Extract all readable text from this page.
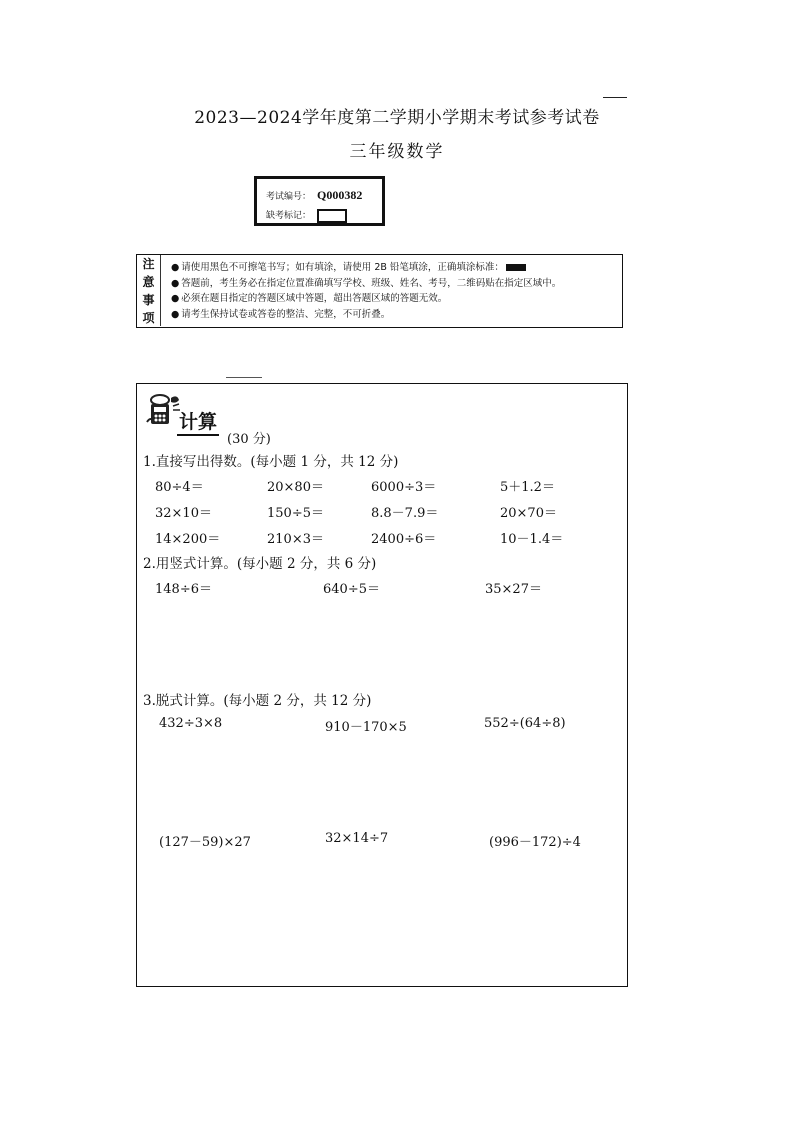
2023—2024学年度第二学期小学期末考试参考试卷
三年级数学
考试编号： Q000382
缺考标记：
注
意
事
项
● 请使用黑色不可擦笔书写；如有填涂，请使用 2B 铅笔填涂，正确填涂标准：
● 答题前，考生务必在指定位置准确填写学校、班级、姓名、考号，二维码贴在指定区域中。
● 必须在题目指定的答题区域中答题，超出答题区域的答题无效。
● 请考生保持试卷或答卷的整洁、完整，不可折叠。
计算
(30 分)
1.直接写出得数。(每小题 1 分，共 12 分)
80÷4＝	20×80＝	6000÷3＝	5＋1.2＝
32×10＝	150÷5＝	8.8－7.9＝	20×70＝
14×200＝	210×3＝	2400÷6＝	10－1.4＝
2.用竖式计算。(每小题 2 分，共 6 分)
148÷6＝	640÷5＝	35×27＝
3.脱式计算。(每小题 2 分，共 12 分)
432÷3×8	910－170×5	552÷(64÷8)
(127－59)×27	32×14÷7	(996－172)÷4
